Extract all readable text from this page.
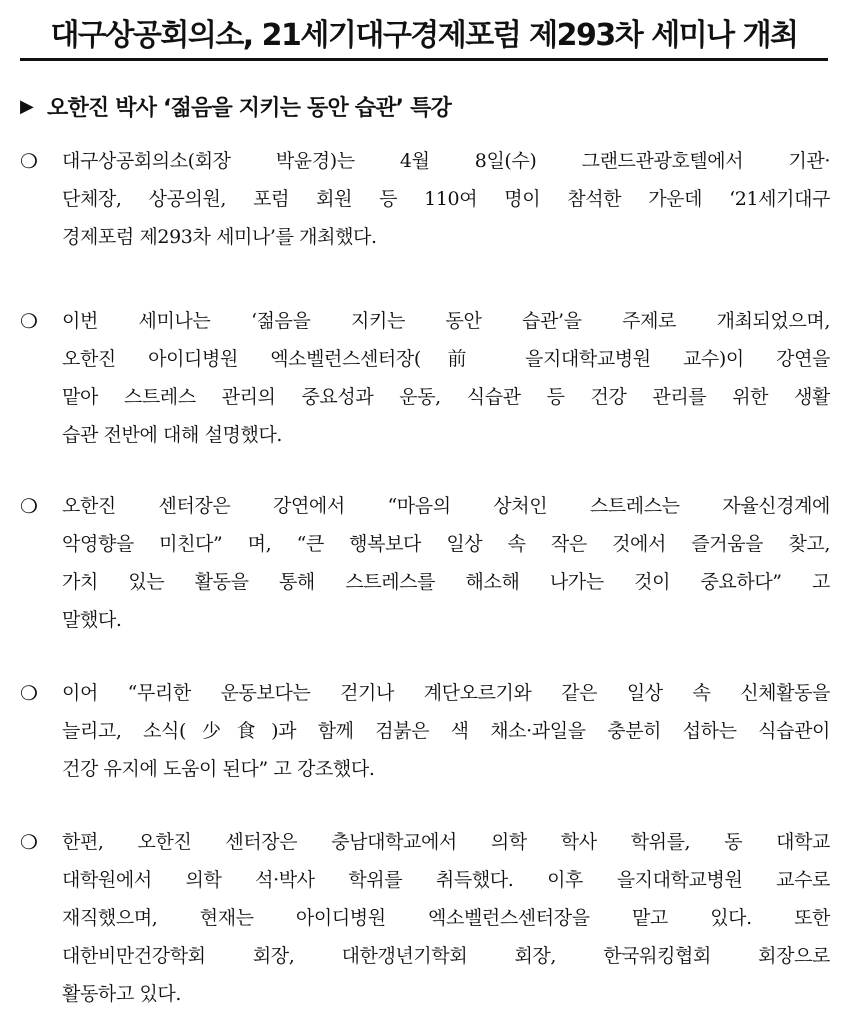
대구상공회의소, 21세기대구경제포럼 제293차 세미나 개최
▶ 오한진 박사 ‘젊음을 지키는 동안 습관’ 특강
❍	대구상공회의소(회장 박윤경)는 4월 8일(수) 그랜드관광호텔에서 기관·
단체장, 상공의원, 포럼 회원 등 110여 명이 참석한 가운데 ‘21세기대구
경제포럼 제293차 세미나’를 개최했다.
❍	이번 세미나는 ‘젊음을 지키는 동안 습관’을 주제로 개최되었으며,
오한진 아이디병원 엑소벨런스센터장(前 을지대학교병원 교수)이 강연을
맡아 스트레스 관리의 중요성과 운동, 식습관 등 건강 관리를 위한 생활
습관 전반에 대해 설명했다.
❍	오한진 센터장은 강연에서 “마음의 상처인 스트레스는 자율신경계에
악영향을 미친다” 며, “큰 행복보다 일상 속 작은 것에서 즐거움을 찾고,
가치 있는 활동을 통해 스트레스를 해소해 나가는 것이 중요하다” 고
말했다.
❍	이어 “무리한 운동보다는 걷기나 계단오르기와 같은 일상 속 신체활동을
늘리고, 소식(少食)과 함께 검붉은 색 채소·과일을 충분히 섭하는 식습관이
건강 유지에 도움이 된다” 고 강조했다.
❍	한편, 오한진 센터장은 충남대학교에서 의학 학사 학위를, 동 대학교
대학원에서 의학 석·박사 학위를 취득했다. 이후 을지대학교병원 교수로
재직했으며, 현재는 아이디병원 엑소벨런스센터장을 맡고 있다. 또한
대한비만건강학회 회장, 대한갱년기학회 회장, 한국워킹협회 회장으로
활동하고 있다.
